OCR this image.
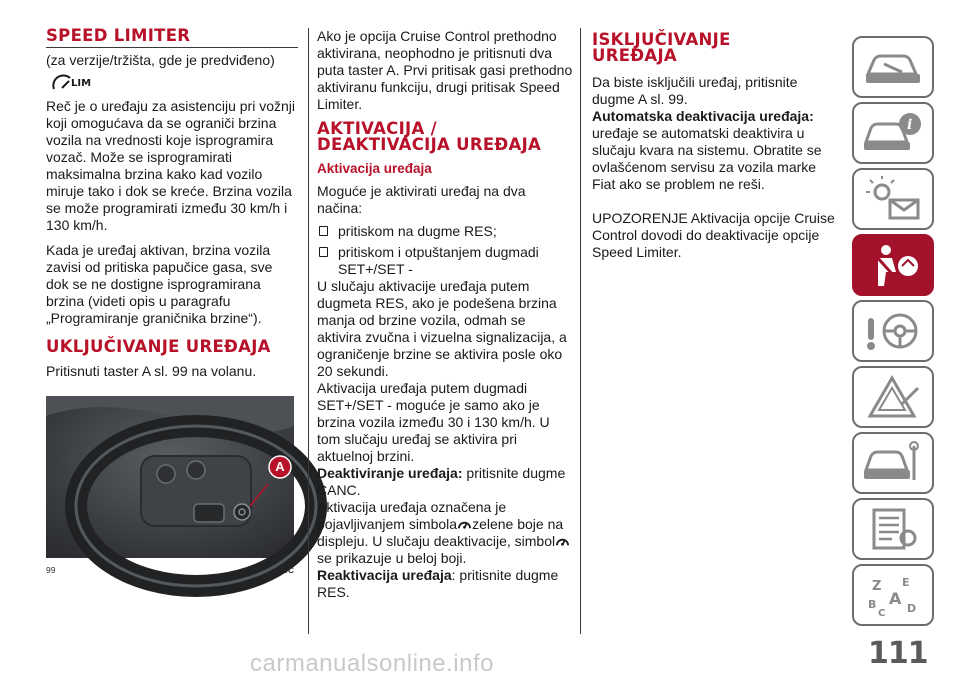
SPEED LIMITER

(za verzije/tržišta, gde je predviđeno)

LIM

Reč je o uređaju za asistenciju pri vožnji koji omogućava da se ograniči brzina vozila na vrednosti koje isprogramira vozač. Može se isprogramirati maksimalna brzina kako kad vozilo miruje tako i dok se kreće. Brzina vozila se može programirati između 30 km/h i 130 km/h.

Kada je uređaj aktivan, brzina vozila zavisi od pritiska papučice gasa, sve dok se ne dostigne isprogramirana brzina (videti opis u paragrafu „Programiranje graničnika brzine“).

UKLJUČIVANJE UREĐAJA

Pritisnuti taster A sl. 99 na volanu.

A
99	F0Y0620C

Ako je opcija Cruise Control prethodno aktivirana, neophodno je pritisnuti dva puta taster A. Prvi pritisak gasi prethodno aktiviranu funkciju, drugi pritisak Speed Limiter.

AKTIVACIJA /
DEAKTIVACIJA UREĐAJA
Aktivacija uređaja

Moguće je aktivirati uređaj na dva načina:

pritiskom na dugme RES;
pritiskom i otpuštanjem dugmadi SET+/SET -

U slučaju aktivacije uređaja putem dugmeta RES, ako je podešena brzina manja od brzine vozila, odmah se aktivira zvučna i vizuelna signalizacija, a ograničenje brzine se aktivira posle oko 20 sekundi.

Aktivacija uređaja putem dugmadi SET+/SET - moguće je samo ako je brzina vozila između 30 i 130 km/h. U tom slučaju uređaj se aktivira pri aktuelnoj brzini.

Deaktiviranje uređaja: pritisnite dugme CANC.

Aktivacija uređaja označena je pojavljivanjem simbola zelene boje na displeju. U slučaju deaktivacije, simbolse prikazuje u beloj boji.

Reaktivacija uređaja: pritisnite dugme RES.

ISKLJUČIVANJE
UREĐAJA

Da biste isključili uređaj, pritisnite dugme A sl. 99.

Automatska deaktivacija uređaja:

uređaje se automatski deaktivira u slučaju kvara na sistemu. Obratite se ovlašćenom servisu za vozila marke Fiat ako se problem ne reši.

UPOZORENJE Aktivacija opcije Cruise Control dovodi do deaktivacije opcije Speed Limiter.

i
Z E
A
B	D
C
111
carmanualsonline.info
